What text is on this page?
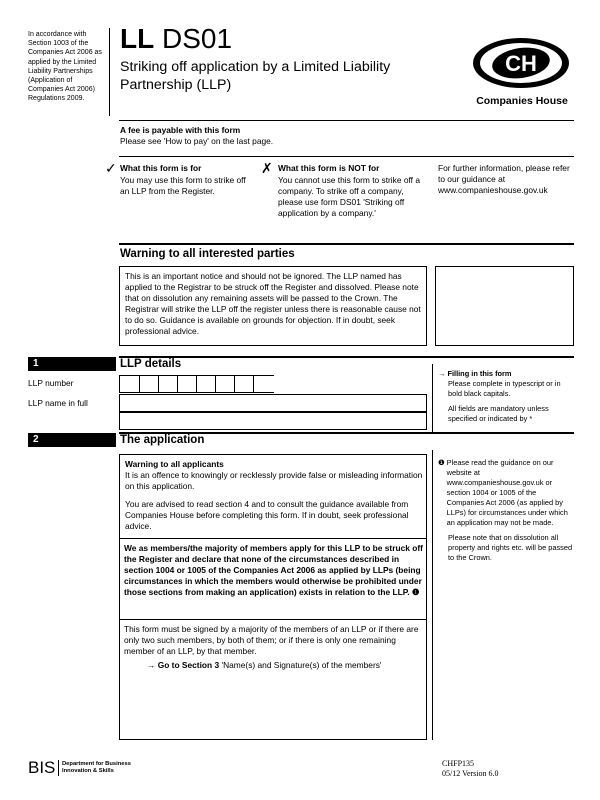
In accordance with Section 1003 of the Companies Act 2006 as applied by the Limited Liability Partnerships (Application of Companies Act 2006) Regulations 2009.
LL DS01
Striking off application by a Limited Liability Partnership (LLP)
CH
Companies House
A fee is payable with this form
Please see 'How to pay' on the last page.
✓ What this form is for
You may use this form to strike off an LLP from the Register.
✗ What this form is NOT for
You cannot use this form to strike off a company. To strike off a company, please use form DS01 'Striking off application by a company.'
For further information, please refer to our guidance at www.companieshouse.gov.uk
Warning to all interested parties
This is an important notice and should not be ignored. The LLP named has applied to the Registrar to be struck off the Register and dissolved. Please note that on dissolution any remaining assets will be passed to the Crown. The Registrar will strike the LLP off the register unless there is reasonable cause not to do so. Guidance is available on grounds for objection. If in doubt, seek professional advice.
1	LLP details
LLP number
LLP name in full
→ Filling in this form
Please complete in typescript or in bold black capitals.
All fields are mandatory unless specified or indicated by *
2	The application
Warning to all applicants

It is an offence to knowingly or recklessly provide false or misleading information on this application.

You are advised to read section 4 and to consult the guidance available from Companies House before completing this form. If in doubt, seek professional advice.

We as members/the majority of members apply for this LLP to be struck off the Register and declare that none of the circumstances described in section 1004 or 1005 of the Companies Act 2006 as applied by LLPs (being circumstances in which the members would otherwise be prohibited under those sections from making an application) exists in relation to the LLP. ❶
This form must be signed by a majority of the members of an LLP or if there are only two such members, by both of them; or if there is only one remaining member of an LLP, by that member.
→ Go to Section 3 'Name(s) and Signature(s) of the members'
❶ Please read the guidance on our website at www.companieshouse.gov.uk or section 1004 or 1005 of the Companies Act 2006 (as applied by LLPs) for circumstances under which an application may not be made.
Please note that on dissolution all property and rights etc. will be passed to the Crown.
BIS Department for Business
Innovation & Skills
CHFP135
05/12 Version 6.0
